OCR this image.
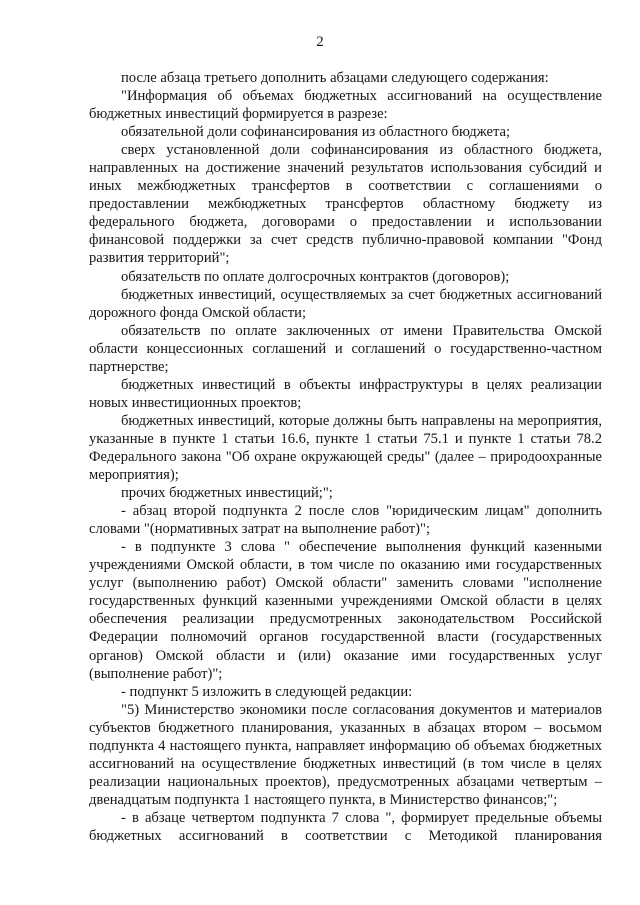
2

после абзаца третьего дополнить абзацами следующего содержания:

"Информация об объемах бюджетных ассигнований на осуществление бюджетных инвестиций формируется в разрезе:

обязательной доли софинансирования из областного бюджета;

сверх установленной доли софинансирования из областного бюджета, направленных на достижение значений результатов использования субсидий и иных межбюджетных трансфертов в соответствии с соглашениями о предоставлении межбюджетных трансфертов областному бюджету из федерального бюджета, договорами о предоставлении и использовании финансовой поддержки за счет средств публично-правовой компании "Фонд развития территорий";

обязательств по оплате долгосрочных контрактов (договоров);

бюджетных инвестиций, осуществляемых за счет бюджетных ассигнований дорожного фонда Омской области;

обязательств по оплате заключенных от имени Правительства Омской области концессионных соглашений и соглашений о государственно-частном партнерстве;

бюджетных инвестиций в объекты инфраструктуры в целях реализации новых инвестиционных проектов;

бюджетных инвестиций, которые должны быть направлены на мероприятия, указанные в пункте 1 статьи 16.6, пункте 1 статьи 75.1 и пункте 1 статьи 78.2 Федерального закона "Об охране окружающей среды" (далее – природоохранные мероприятия);

прочих бюджетных инвестиций;";

- абзац второй подпункта 2 после слов "юридическим лицам" дополнить словами "(нормативных затрат на выполнение работ)";

- в подпункте 3 слова " обеспечение выполнения функций казенными учреждениями Омской области, в том числе по оказанию ими государственных услуг (выполнению работ) Омской области" заменить словами "исполнение государственных функций казенными учреждениями Омской области в целях обеспечения реализации предусмотренных законодательством Российской Федерации полномочий органов государственной власти (государственных органов) Омской области и (или) оказание ими государственных услуг (выполнение работ)";

- подпункт 5 изложить в следующей редакции:

"5) Министерство экономики после согласования документов и материалов субъектов бюджетного планирования, указанных в абзацах втором – восьмом подпункта 4 настоящего пункта, направляет информацию об объемах бюджетных ассигнований на осуществление бюджетных инвестиций (в том числе в целях реализации национальных проектов), предусмотренных абзацами четвертым – двенадцатым подпункта 1 настоящего пункта, в Министерство финансов;";

- в абзаце четвертом подпункта 7 слова ", формирует предельные объемы бюджетных ассигнований в соответствии с Методикой планирования
